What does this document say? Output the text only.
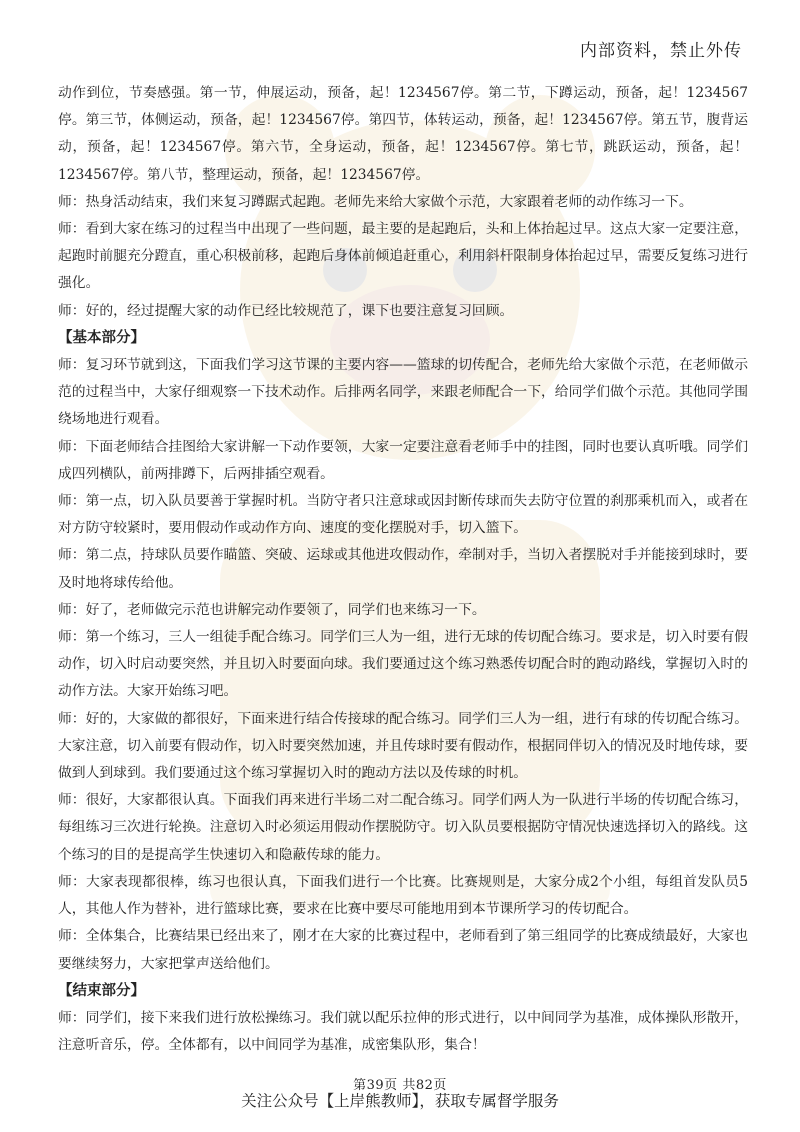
内部资料，禁止外传

动作到位，节奏感强。第一节，伸展运动，预备，起！1234567停。第二节，下蹲运动，预备，起！1234567停。第三节，体侧运动，预备，起！1234567停。第四节，体转运动，预备，起！1234567停。第五节，腹背运动，预备，起！1234567停。第六节，全身运动，预备，起！1234567停。第七节，跳跃运动，预备，起！1234567停。第八节，整理运动，预备，起！1234567停。

师：热身活动结束，我们来复习蹲踞式起跑。老师先来给大家做个示范，大家跟着老师的动作练习一下。

师：看到大家在练习的过程当中出现了一些问题，最主要的是起跑后，头和上体抬起过早。这点大家一定要注意，起跑时前腿充分蹬直，重心积极前移，起跑后身体前倾追赶重心，利用斜杆限制身体抬起过早，需要反复练习进行强化。

师：好的，经过提醒大家的动作已经比较规范了，课下也要注意复习回顾。

【基本部分】

师：复习环节就到这，下面我们学习这节课的主要内容——篮球的切传配合，老师先给大家做个示范，在老师做示范的过程当中，大家仔细观察一下技术动作。后排两名同学，来跟老师配合一下，给同学们做个示范。其他同学围绕场地进行观看。

师：下面老师结合挂图给大家讲解一下动作要领，大家一定要注意看老师手中的挂图，同时也要认真听哦。同学们成四列横队，前两排蹲下，后两排插空观看。

师：第一点，切入队员要善于掌握时机。当防守者只注意球或因封断传球而失去防守位置的刹那乘机而入，或者在对方防守较紧时，要用假动作或动作方向、速度的变化摆脱对手，切入篮下。

师：第二点，持球队员要作瞄篮、突破、运球或其他进攻假动作，牵制对手，当切入者摆脱对手并能接到球时，要及时地将球传给他。

师：好了，老师做完示范也讲解完动作要领了，同学们也来练习一下。

师：第一个练习，三人一组徒手配合练习。同学们三人为一组，进行无球的传切配合练习。要求是，切入时要有假动作，切入时启动要突然，并且切入时要面向球。我们要通过这个练习熟悉传切配合时的跑动路线，掌握切入时的动作方法。大家开始练习吧。

师：好的，大家做的都很好，下面来进行结合传接球的配合练习。同学们三人为一组，进行有球的传切配合练习。大家注意，切入前要有假动作，切入时要突然加速，并且传球时要有假动作，根据同伴切入的情况及时地传球，要做到人到球到。我们要通过这个练习掌握切入时的跑动方法以及传球的时机。

师：很好，大家都很认真。下面我们再来进行半场二对二配合练习。同学们两人为一队进行半场的传切配合练习，每组练习三次进行轮换。注意切入时必须运用假动作摆脱防守。切入队员要根据防守情况快速选择切入的路线。这个练习的目的是提高学生快速切入和隐蔽传球的能力。

师：大家表现都很棒，练习也很认真，下面我们进行一个比赛。比赛规则是，大家分成2个小组，每组首发队员5人，其他人作为替补，进行篮球比赛，要求在比赛中要尽可能地用到本节课所学习的传切配合。

师：全体集合，比赛结果已经出来了，刚才在大家的比赛过程中，老师看到了第三组同学的比赛成绩最好，大家也要继续努力，大家把掌声送给他们。

【结束部分】

师：同学们，接下来我们进行放松操练习。我们就以配乐拉伸的形式进行，以中间同学为基准，成体操队形散开，注意听音乐，停。全体都有，以中间同学为基准，成密集队形，集合！

第39页 共82页
关注公众号【上岸熊教师】，获取专属督学服务
